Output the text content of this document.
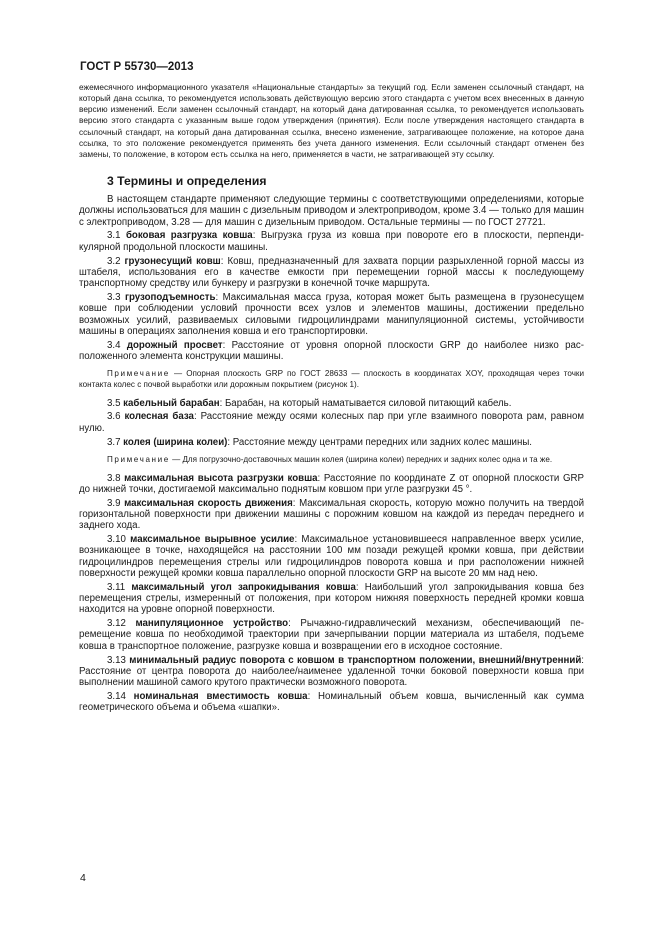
ГОСТ Р 55730—2013

ежемесячного информационного указателя «Национальные стандарты» за текущий год. Если заменен ссылочный стандарт, на который дана ссылка, то рекомендуется использовать действующую версию этого стандарта с учетом всех внесенных в данную версию изменений. Если заменен ссылочный стандарт, на который дана датированная ссылка, то рекомендуется использовать версию этого стандарта с указанным выше годом утверждения (принятия). Если после утверждения настоящего стандарта в ссылочный стандарт, на который дана датированная ссылка, внесено изменение, затрагивающее положение, на которое дана ссылка, то это положение рекомендуется применять без учета данного изменения. Если ссылочный стандарт отменен без замены, то положение, в котором есть ссылка на него, применяется в части, не затрагивающей эту ссылку.

3 Термины и определения

В настоящем стандарте применяют следующие термины с соответствующими определениями, которые должны использоваться для машин с дизельным приводом и электроприводом, кроме 3.4 — только для машин с электроприводом, 3.28 — для машин с дизельным приводом. Остальные термины — по ГОСТ 27721.

3.1 боковая разгрузка ковша: Выгрузка груза из ковша при повороте его в плоскости, перпендикулярной продольной плоскости машины.

3.2 грузонесущий ковш: Ковш, предназначенный для захвата порции разрыхленной горной массы из штабеля, использования его в качестве емкости при перемещении горной массы к последующему транспортному средству или бункеру и разгрузки в конечной точке маршрута.

3.3 грузоподъемность: Максимальная масса груза, которая может быть размещена в грузонесущем ковше при соблюдении условий прочности всех узлов и элементов машины, достижении предельно возможных усилий, развиваемых силовыми гидроцилиндрами манипуляционной системы, устойчивости машины в операциях заполнения ковша и его транспортировки.

3.4 дорожный просвет: Расстояние от уровня опорной плоскости GRP до наиболее низко расположенного элемента конструкции машины.

Примечание — Опорная плоскость GRP по ГОСТ 28633 — плоскость в координатах XOY, проходящая через точки контакта колес с почвой выработки или дорожным покрытием (рисунок 1).

3.5 кабельный барабан: Барабан, на который наматывается силовой питающий кабель.

3.6 колесная база: Расстояние между осями колесных пар при угле взаимного поворота рам, равном нулю.

3.7 колея (ширина колеи): Расстояние между центрами передних или задних колес машины.

Примечание — Для погрузочно-доставочных машин колея (ширина колеи) передних и задних колес одна и та же.

3.8 максимальная высота разгрузки ковша: Расстояние по координате Z от опорной плоскости GRP до нижней точки, достигаемой максимально поднятым ковшом при угле разгрузки 45 °.

3.9 максимальная скорость движения: Максимальная скорость, которую можно получить на твердой горизонтальной поверхности при движении машины с порожним ковшом на каждой из передач переднего и заднего хода.

3.10 максимальное вырывное усилие: Максимальное установившееся направленное вверх усилие, возникающее в точке, находящейся на расстоянии 100 мм позади режущей кромки ковша, при действии гидроцилиндров перемещения стрелы или гидроцилиндров поворота ковша и при расположении нижней поверхности режущей кромки ковша параллельно опорной плоскости GRP на высоте 20 мм над нею.

3.11 максимальный угол запрокидывания ковша: Наибольший угол запрокидывания ковша без перемещения стрелы, измеренный от положения, при котором нижняя поверхность передней кромки ковша находится на уровне опорной поверхности.

3.12 манипуляционное устройство: Рычажно-гидравлический механизм, обеспечивающий перемещение ковша по необходимой траектории при зачерпывании порции материала из штабеля, подъеме ковша в транспортное положение, разгрузке ковша и возвращении его в исходное состояние.

3.13 минимальный радиус поворота с ковшом в транспортном положении, внешний/внутренний: Расстояние от центра поворота до наиболее/наименее удаленной точки боковой поверхности ковша при выполнении машиной самого крутого практически возможного поворота.

3.14 номинальная вместимость ковша: Номинальный объем ковша, вычисленный как сумма геометрического объема и объема «шапки».

4
